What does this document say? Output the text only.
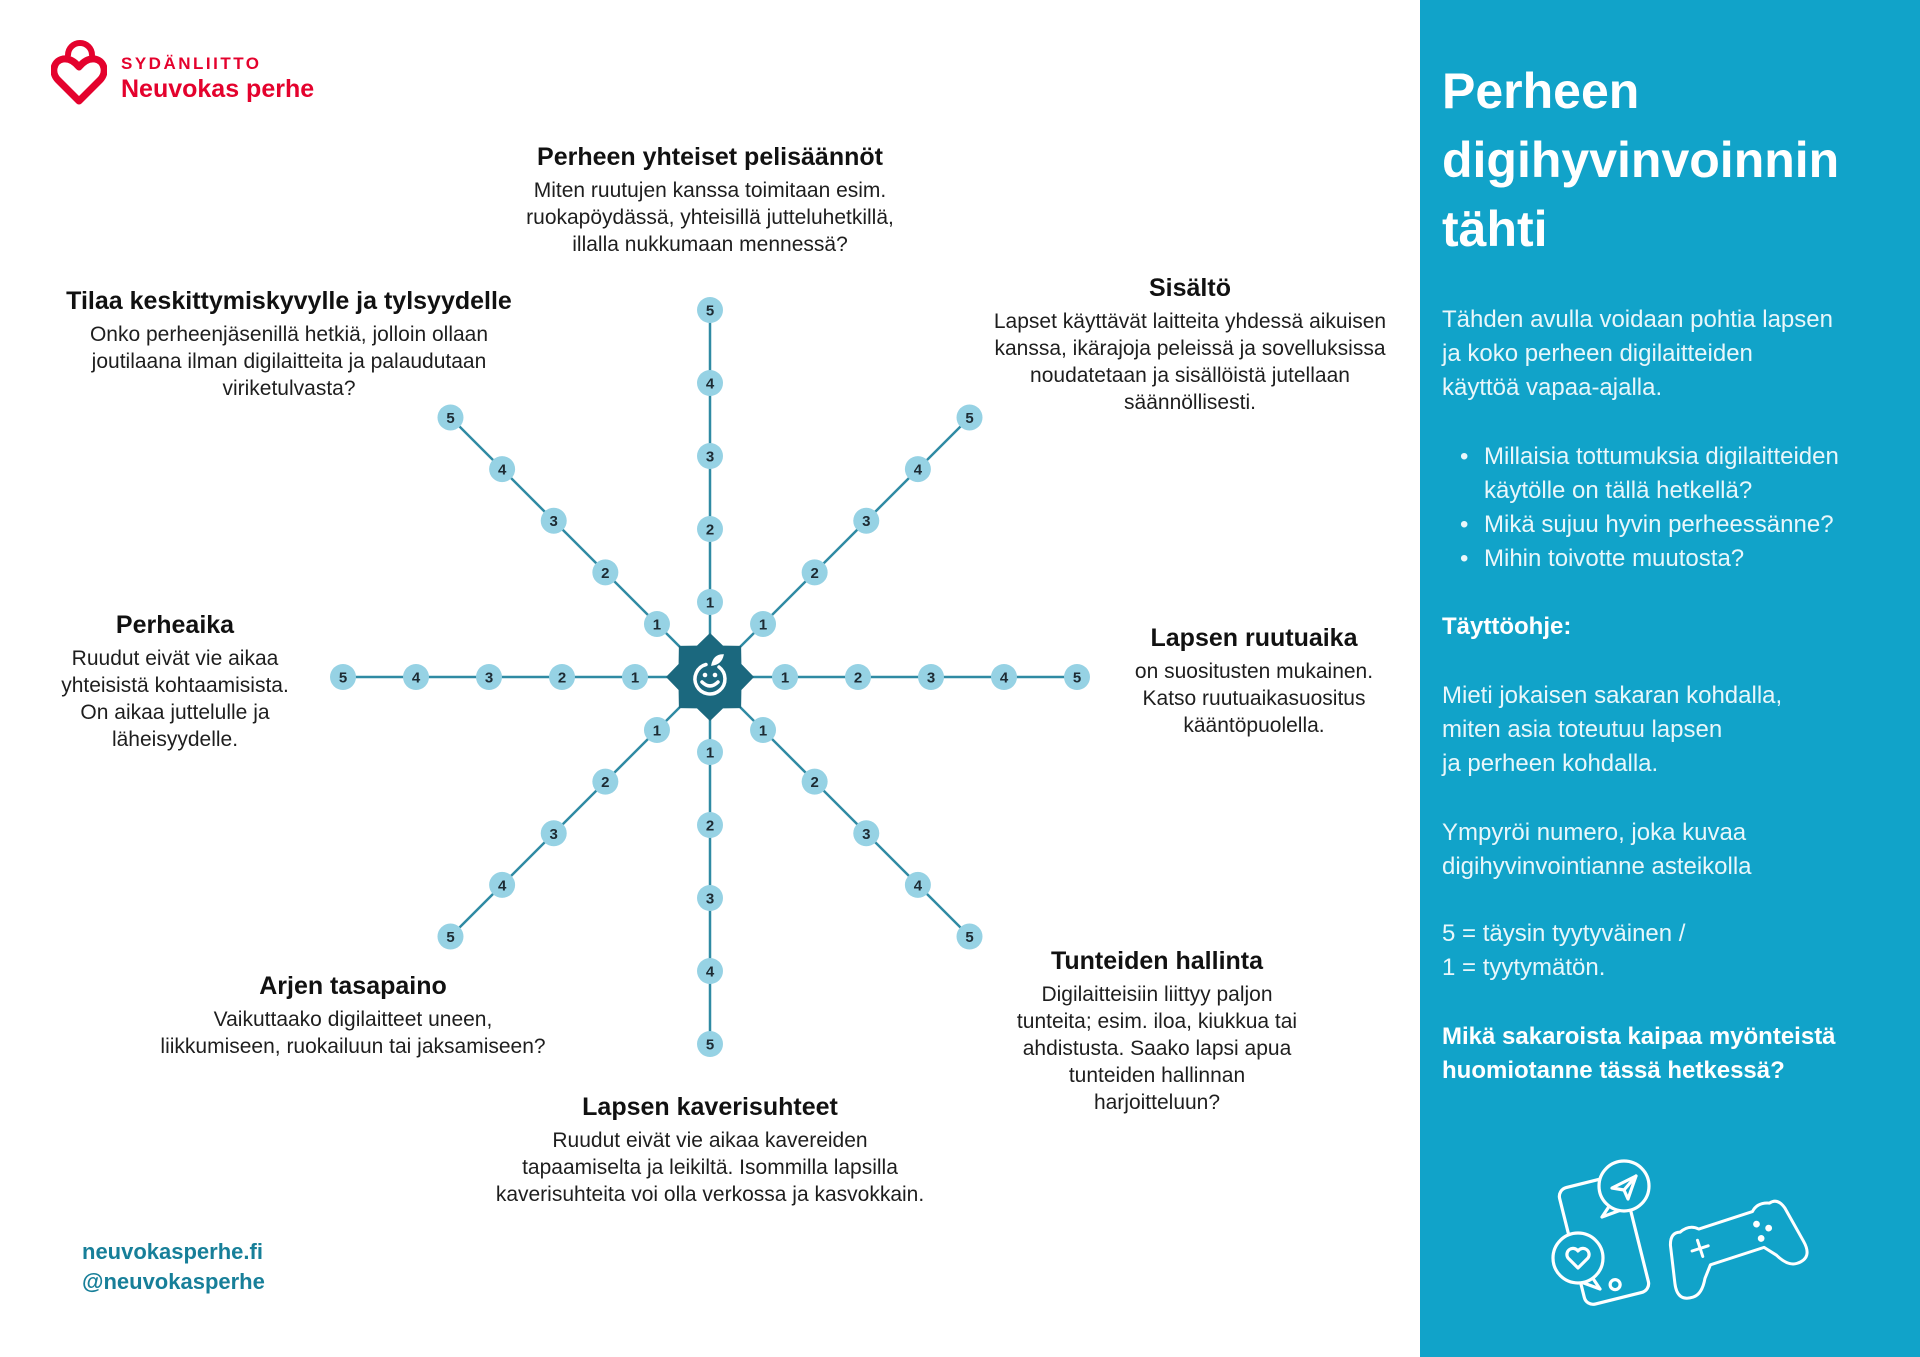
SYDÄNLIITTO
Neuvokas perhe
1
2
3
4
5
1
2
3
4
5
1	2	3	4	5
1
2
3
4
5
1
2
3
4
5
1
2
3
4
5
1
2
3
4
5
1
2
3
4
5
Perheen yhteiset pelisäännöt
Miten ruutujen kanssa toimitaan esim.
ruokapöydässä, yhteisillä jutteluhetkillä,
illalla nukkumaan mennessä?
Sisältö
Lapset käyttävät laitteita yhdessä aikuisen
kanssa, ikärajoja peleissä ja sovelluksissa
noudatetaan ja sisällöistä jutellaan
säännöllisesti.
Lapsen ruutuaika
on suositusten mukainen.
Katso ruutuaikasuositus
kääntöpuolella.
Tunteiden hallinta
Digilaitteisiin liittyy paljon
tunteita; esim. iloa, kiukkua tai
ahdistusta. Saako lapsi apua
tunteiden hallinnan
harjoitteluun?
Lapsen kaverisuhteet
Ruudut eivät vie aikaa kavereiden
tapaamiselta ja leikiltä. Isommilla lapsilla
kaverisuhteita voi olla verkossa ja kasvokkain.
Arjen tasapaino
Vaikuttaako digilaitteet uneen,
liikkumiseen, ruokailuun tai jaksamiseen?
Perheaika
Ruudut eivät vie aikaa
yhteisistä kohtaamisista.
On aikaa juttelulle ja
läheisyydelle.
Tilaa keskittymiskyvylle ja tylsyydelle
Onko perheenjäsenillä hetkiä, jolloin ollaan
joutilaana ilman digilaitteita ja palaudutaan
viriketulvasta?
neuvokasperhe.fi
@neuvokasperhe
Perheen
digihyvinvoinnin
tähti
Tähden avulla voidaan pohtia lapsen
ja koko perheen digilaitteiden
käyttöä vapaa-ajalla.
• Millaisia tottumuksia digilaitteiden
käytölle on tällä hetkellä?
• Mikä sujuu hyvin perheessänne?
• Mihin toivotte muutosta?
Täyttöohje:
Mieti jokaisen sakaran kohdalla,
miten asia toteutuu lapsen
ja perheen kohdalla.
Ympyröi numero, joka kuvaa
digihyvinvointianne asteikolla
5 = täysin tyytyväinen /
1 = tyytymätön.
Mikä sakaroista kaipaa myönteistä
huomiotanne tässä hetkessä?
